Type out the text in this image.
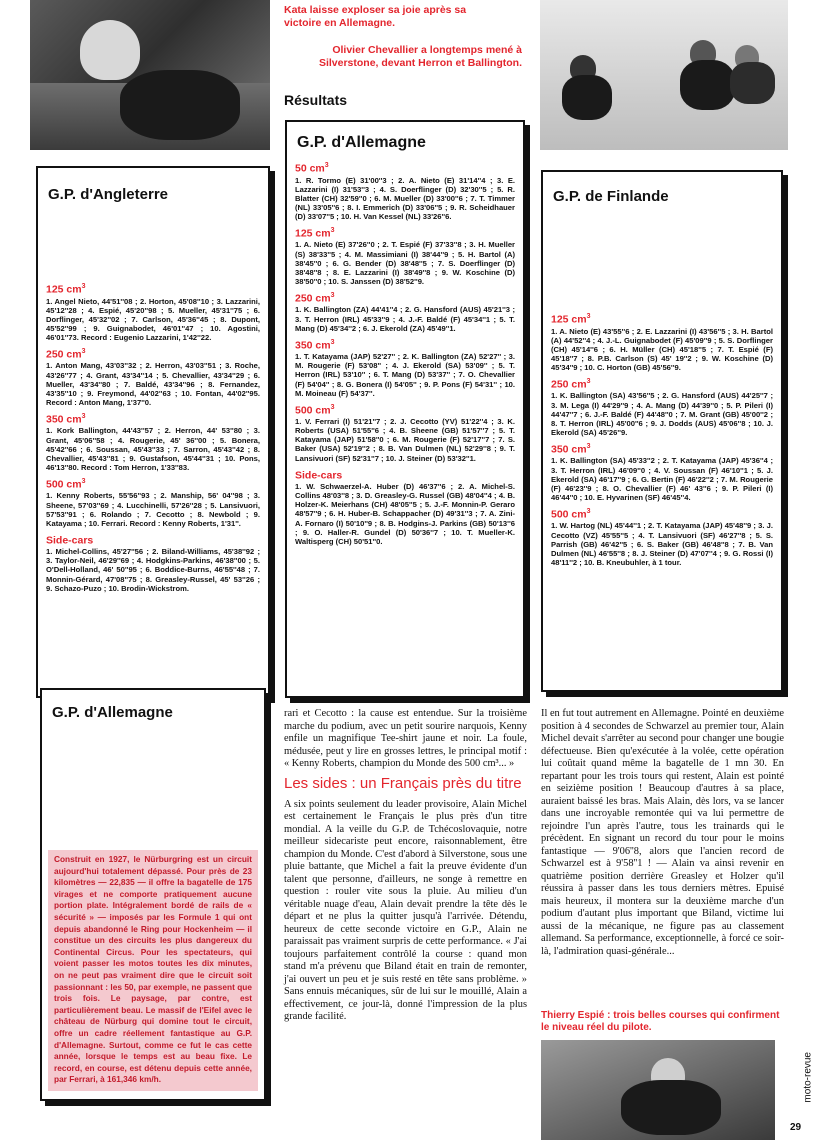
Kata laisse exploser sa joie après sa victoire en Allemagne.
Olivier Chevallier a longtemps mené à Silverstone, devant Herron et Ballington.
Résultats
G.P. d'Angleterre
125 $cm^3$
1. Angel Nieto, 44'51''08 ; 2. Horton, 45'08''10 ; 3. Lazzarini, 45'12''28 ; 4. Espié, 45'20''98 ; 5. Mueller, 45'31''75 ; 6. Dorflinger, 45'32''02 ; 7. Carlson, 45'36''45 ; 8. Dupont, 45'52''99 ; 9. Guignabodet, 46'01''47 ; 10. Agostini, 46'01''73. Record : Eugenio Lazzarini, 1'42''22.
250 $cm^3$
1. Anton Mang, 43'03''32 ; 2. Herron, 43'03''51 ; 3. Roche, 43'26''77 ; 4. Grant, 43'34''14 ; 5. Chevallier, 43'34''29 ; 6. Mueller, 43'34''80 ; 7. Baldé, 43'34''96 ; 8. Fernandez, 43'35''10 ; 9. Freymond, 44'02''63 ; 10. Fontan, 44'02''95. Record : Anton Mang, 1'37''0.
350 $cm^3$
1. Kork Ballington, 44'43''57 ; 2. Herron, 44' 53''80 ; 3. Grant, 45'06''58 ; 4. Rougerie, 45' 36''00 ; 5. Bonera, 45'42''66 ; 6. Soussan, 45'43''33 ; 7. Sarron, 45'43''42 ; 8. Chevallier, 45'43''81 ; 9. Gustafson, 45'44''31 ; 10. Pons, 46'13''80. Record : Tom Herron, 1'33''83.
500 $cm^3$
1. Kenny Roberts, 55'56''93 ; 2. Manship, 56' 04''98 ; 3. Sheene, 57'03''69 ; 4. Lucchinelli, 57'26''28 ; 5. Lansivuori, 57'53''91 ; 6. Rolando ; 7. Cecotto ; 8. Newbold ; 9. Katayama ; 10. Ferrari. Record : Kenny Roberts, 1'31''.
Side-cars
1. Michel-Collins, 45'27''56 ; 2. Biland-Williams, 45'38''92 ; 3. Taylor-Neil, 46'29''69 ; 4. Hodgkins-Parkins, 46'38''00 ; 5. O'Dell-Holland, 46' 50''95 ; 6. Boddice-Burns, 46'55''48 ; 7. Monnin-Gérard, 47'08''75 ; 8. Greasley-Russel, 45' 53''26 ; 9. Schazo-Puzo ; 10. Brodin-Wickstrom.
G.P. d'Allemagne
50 $cm^3$
1. R. Tormo (E) 31'00''3 ; 2. A. Nieto (E) 31'14''4 ; 3. E. Lazzarini (I) 31'53''3 ; 4. S. Doerflinger (D) 32'30''5 ; 5. R. Blatter (CH) 32'59''0 ; 6. M. Mueller (D) 33'00''6 ; 7. T. Timmer (NL) 33'05''6 ; 8. I. Emmerich (D) 33'06''5 ; 9. R. Scheidhauer (D) 33'07''5 ; 10. H. Van Kessel (NL) 33'26''6.
125 $cm^3$
1. A. Nieto (E) 37'26''0 ; 2. T. Espié (F) 37'33''8 ; 3. H. Mueller (S) 38'33''5 ; 4. M. Massimiani (I) 38'44''9 ; 5. H. Bartol (A) 38'45''0 ; 6. G. Bender (D) 38'48''5 ; 7. S. Doerflinger (D) 38'48''8 ; 8. E. Lazzarini (I) 38'49''8 ; 9. W. Koschine (D) 38'50''0 ; 10. S. Janssen (D) 38'52''9.
250 $cm^3$
1. K. Ballington (ZA) 44'41''4 ; 2. G. Hansford (AUS) 45'21''3 ; 3. T. Herron (IRL) 45'33''9 ; 4. J.-F. Baldé (F) 45'34''1 ; 5. T. Mang (D) 45'34''2 ; 6. J. Ekerold (ZA) 45'49''1.
350 $cm^3$
1. T. Katayama (JAP) 52'27'' ; 2. K. Ballington (ZA) 52'27'' ; 3. M. Rougerie (F) 53'08'' ; 4. J. Ekerold (SA) 53'09'' ; 5. T. Herron (IRL) 53'10'' ; 6. T. Mang (D) 53'37'' ; 7. O. Chevallier (F) 54'04'' ; 8. G. Bonera (I) 54'05'' ; 9. P. Pons (F) 54'31'' ; 10. M. Moineau (F) 54'37''.
500 $cm^3$
1. V. Ferrari (I) 51'21''7 ; 2. J. Cecotto (YV) 51'22''4 ; 3. K. Roberts (USA) 51'55''6 ; 4. B. Sheene (GB) 51'57''7 ; 5. T. Katayama (JAP) 51'58''0 ; 6. M. Rougerie (F) 52'17''7 ; 7. S. Baker (USA) 52'19''2 ; 8. B. Van Dulmen (NL) 52'29''8 ; 9. T. Lansivuori (SF) 52'31''7 ; 10. J. Steiner (D) 53'32''1.
Side-cars
1. W. Schwaerzel-A. Huber (D) 46'37''6 ; 2. A. Michel-S. Collins 48'03''8 ; 3. D. Greasley-G. Russel (GB) 48'04''4 ; 4. B. Holzer-K. Meierhans (CH) 48'05''5 ; 5. J.-F. Monnin-P. Geraro 48'57''9 ; 6. H. Huber-B. Schappacher (D) 49'31''3 ; 7. A. Zini-A. Fornaro (I) 50'10''9 ; 8. B. Hodgins-J. Parkins (GB) 50'13''6 ; 9. O. Haller-R. Gundel (D) 50'36''7 ; 10. T. Mueller-K. Waltisperg (CH) 50'51''0.
G.P. de Finlande
125 $cm^3$
1. A. Nieto (E) 43'55''6 ; 2. E. Lazzarini (I) 43'56''5 ; 3. H. Bartol (A) 44'52''4 ; 4. J.-L. Guignabodet (F) 45'09''9 ; 5. S. Dorflinger (CH) 45'14''6 ; 6. H. Müller (CH) 45'18''5 ; 7. T. Espié (F) 45'18''7 ; 8. P.B. Carlson (S) 45' 19''2 ; 9. W. Koschine (D) 45'34''9 ; 10. C. Horton (GB) 45'56''9.
250 $cm^3$
1. K. Ballington (SA) 43'56''5 ; 2. G. Hansford (AUS) 44'25''7 ; 3. M. Lega (I) 44'29''9 ; 4. A. Mang (D) 44'39''0 ; 5. P. Pileri (I) 44'47''7 ; 6. J.-F. Baldé (F) 44'48''0 ; 7. M. Grant (GB) 45'00''2 ; 8. T. Herron (IRL) 45'00''6 ; 9. J. Dodds (AUS) 45'06''8 ; 10. J. Ekerold (SA) 45'26''9.
350 $cm^3$
1. K. Ballington (SA) 45'33''2 ; 2. T. Katayama (JAP) 45'36''4 ; 3. T. Herron (IRL) 46'09''0 ; 4. V. Soussan (F) 46'10''1 ; 5. J. Ekerold (SA) 46'17''9 ; 6. G. Bertin (F) 46'22''2 ; 7. M. Rougerie (F) 46'23''9 ; 8. O. Chevallier (F) 46' 43''6 ; 9. P. Pileri (I) 46'44''0 ; 10. E. Hyvarinen (SF) 46'45''4.
500 $cm^3$
1. W. Hartog (NL) 45'44''1 ; 2. T. Katayama (JAP) 45'48''9 ; 3. J. Cecotto (VZ) 45'55''5 ; 4. T. Lansivuori (SF) 46'27''8 ; 5. S. Parrish (GB) 46'42''5 ; 6. S. Baker (GB) 46'48''8 ; 7. B. Van Dulmen (NL) 46'55''8 ; 8. J. Steiner (D) 47'07''4 ; 9. G. Rossi (I) 48'11''2 ; 10. B. Kneubuhler, à 1 tour.
G.P. d'Allemagne
Construit en 1927, le Nürburgring est un circuit aujourd'hui totalement dépassé. Pour près de 23 kilomètres — 22,835 — il offre la bagatelle de 175 virages et ne comporte pratiquement aucune portion plate. Intégralement bordé de rails de « sécurité » — imposés par les Formule 1 qui ont depuis abandonné le Ring pour Hockenheim — il constitue un des circuits les plus dangereux du Continental Circus. Pour les spectateurs, qui voient passer les motos toutes les dix minutes, on ne peut pas vraiment dire que le circuit soit passionnant : les 50, par exemple, ne passent que trois fois. Le paysage, par contre, est particulièrement beau. Le massif de l'Eifel avec le château de Nürburg qui domine tout le circuit, offre un cadre réellement fantastique au G.P. d'Allemagne. Surtout, comme ce fut le cas cette année, lorsque le temps est au beau fixe. Le record, en course, est détenu depuis cette année, par Ferrari, à 161,346 km/h.

rari et Cecotto : la cause est entendue. Sur la troisième marche du podium, avec un petit sourire narquois, Kenny enfile un magnifique Tee-shirt jaune et noir. La foule, médusée, peut y lire en grosses lettres, le principal motif : « Kenny Roberts, champion du Monde des 500 cm³... »

Les sides : un Français près du titre

A six points seulement du leader provisoire, Alain Michel est certainement le Français le plus près d'un titre mondial. A la veille du G.P. de Tchécoslovaquie, notre meilleur sidecariste peut encore, raisonnablement, être champion du Monde. C'est d'abord à Silverstone, sous une pluie battante, que Michel a fait la preuve évidente d'un talent que personne, d'ailleurs, ne songe à remettre en question : rouler vite sous la pluie. Au milieu d'un véritable nuage d'eau, Alain devait prendre la tête dès le départ et ne plus la quitter jusqu'à l'arrivée. Détendu, heureux de cette seconde victoire en G.P., Alain ne paraissait pas vraiment surpris de cette performance. « J'ai toujours parfaitement contrôlé la course : quand mon stand m'a prévenu que Biland était en train de remonter, j'ai ouvert un peu et je suis resté en tête sans problème. » Sans ennuis mécaniques, sûr de lui sur le mouillé, Alain a effectivement, ce jour-là, donné l'impression de la plus grande facilité.

Il en fut tout autrement en Allemagne. Pointé en deuxième position à 4 secondes de Schwarzel au premier tour, Alain Michel devait s'arrêter au second pour changer une bougie défectueuse. Bien qu'exécutée à la volée, cette opération lui coûtait quand même la bagatelle de 1 mn 30. En repartant pour les trois tours qui restent, Alain est pointé en seizième position ! Beaucoup d'autres à sa place, auraient baissé les bras. Mais Alain, dès lors, va se lancer dans une incroyable remontée qui va lui permettre de rejoindre l'un après l'autre, tous les trainards qui le précèdent. En signant un record du tour pour le moins fantastique — 9'06''8, alors que l'ancien record de Schwarzel est à 9'58''1 ! — Alain va ainsi revenir en quatrième position derrière Greasley et Holzer qu'il réussira à passer dans les tous derniers mètres. Epuisé mais heureux, il montera sur la deuxième marche d'un podium d'autant plus important que Biland, victime lui aussi de la mécanique, ne figure pas au classement allemand. Sa performance, exceptionnelle, à forcé ce soir-là, l'admiration quasi-générale...

Thierry Espié : trois belles courses qui confirment le niveau réel du pilote.
moto-revue
29
